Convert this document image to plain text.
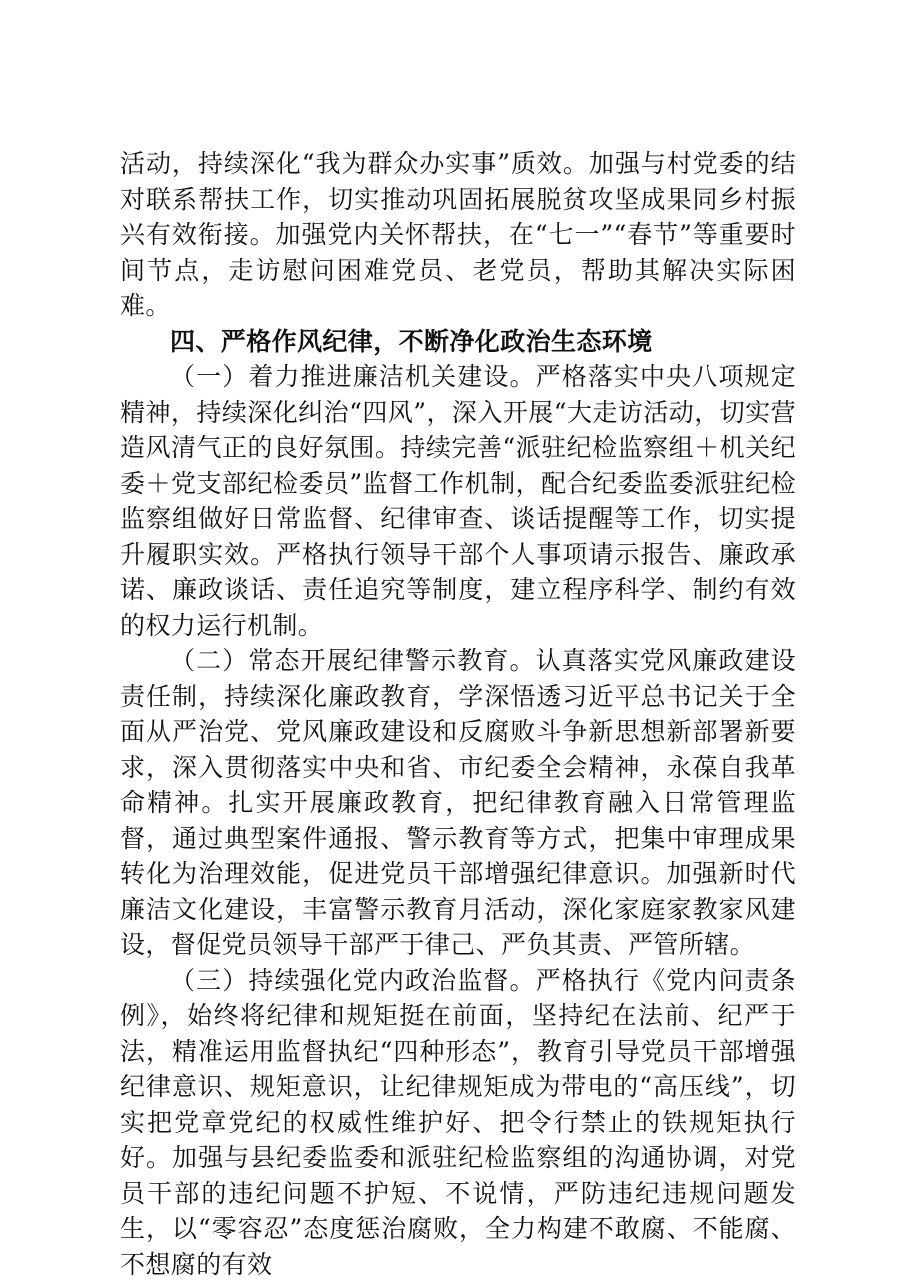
活动，持续深化“我为群众办实事”质效。加强与村党委的结对联系帮扶工作，切实推动巩固拓展脱贫攻坚成果同乡村振兴有效衔接。加强党内关怀帮扶，在“七一”“春节”等重要时间节点，走访慰问困难党员、老党员，帮助其解决实际困难。

四、严格作风纪律，不断净化政治生态环境

（一）着力推进廉洁机关建设。严格落实中央八项规定精神，持续深化纠治“四风”，深入开展“大走访活动，切实营造风清气正的良好氛围。持续完善“派驻纪检监察组＋机关纪委＋党支部纪检委员”监督工作机制，配合纪委监委派驻纪检监察组做好日常监督、纪律审查、谈话提醒等工作，切实提升履职实效。严格执行领导干部个人事项请示报告、廉政承诺、廉政谈话、责任追究等制度，建立程序科学、制约有效的权力运行机制。

（二）常态开展纪律警示教育。认真落实党风廉政建设责任制，持续深化廉政教育，学深悟透习近平总书记关于全面从严治党、党风廉政建设和反腐败斗争新思想新部署新要求，深入贯彻落实中央和省、市纪委全会精神，永葆自我革命精神。扎实开展廉政教育，把纪律教育融入日常管理监督，通过典型案件通报、警示教育等方式，把集中审理成果转化为治理效能，促进党员干部增强纪律意识。加强新时代廉洁文化建设，丰富警示教育月活动，深化家庭家教家风建设，督促党员领导干部严于律己、严负其责、严管所辖。

（三）持续强化党内政治监督。严格执行《党内问责条例》，始终将纪律和规矩挺在前面，坚持纪在法前、纪严于法，精准运用监督执纪“四种形态”，教育引导党员干部增强纪律意识、规矩意识，让纪律规矩成为带电的“高压线”，切实把党章党纪的权威性维护好、把令行禁止的铁规矩执行好。加强与县纪委监委和派驻纪检监察组的沟通协调，对党员干部的违纪问题不护短、不说情，严防违纪违规问题发生，以“零容忍”态度惩治腐败，全力构建不敢腐、不能腐、不想腐的有效
